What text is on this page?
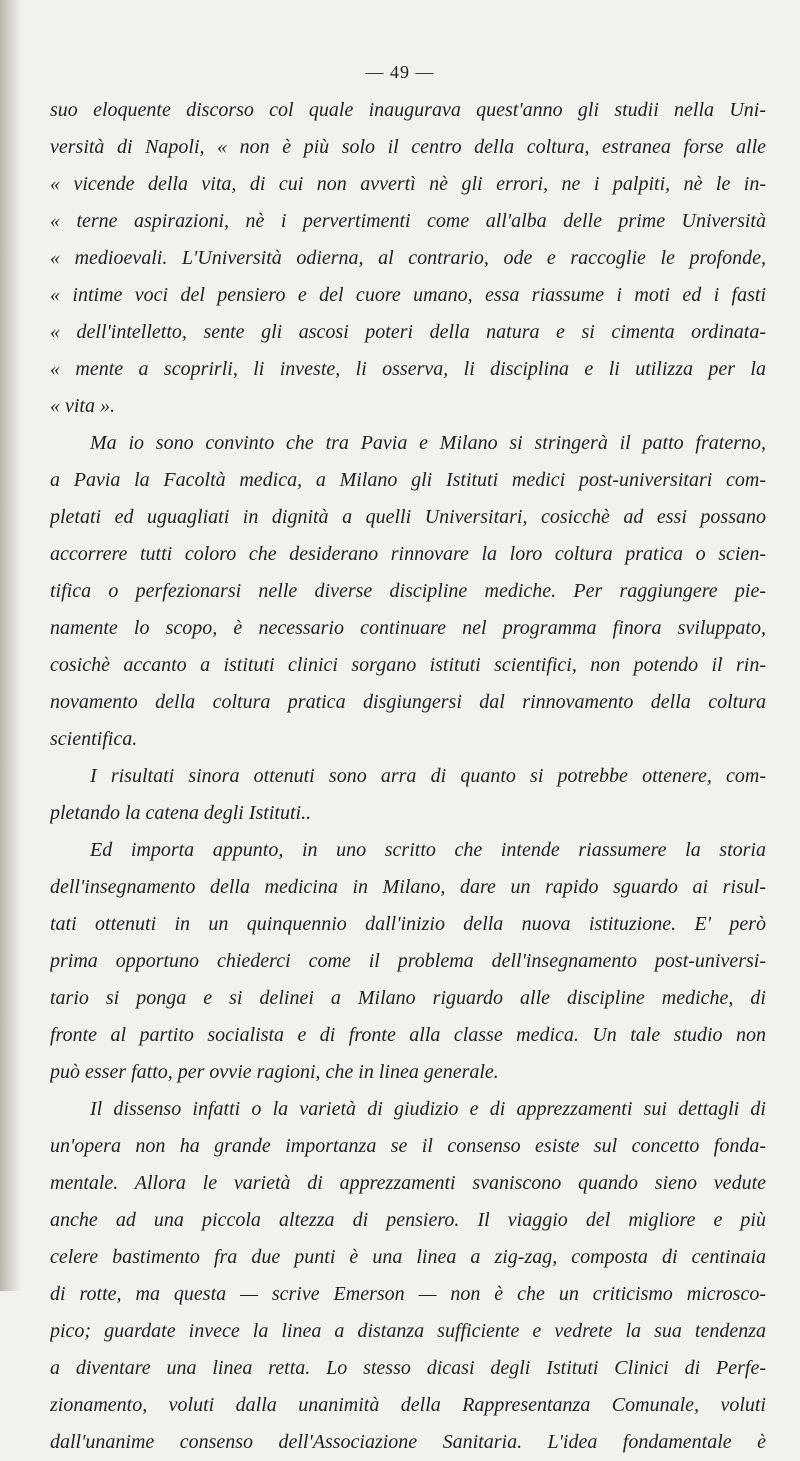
— 49 —
suo eloquente discorso col quale inaugurava quest'anno gli studii nella Uni-
versità di Napoli, « non è più solo il centro della coltura, estranea forse alle
« vicende della vita, di cui non avvertì nè gli errori, ne i palpiti, nè le in-
« terne aspirazioni, nè i pervertimenti come all'alba delle prime Università
« medioevali. L'Università odierna, al contrario, ode e raccoglie le profonde,
« intime voci del pensiero e del cuore umano, essa riassume i moti ed i fasti
« dell'intelletto, sente gli ascosi poteri della natura e si cimenta ordinata-
« mente a scoprirli, li investe, li osserva, li disciplina e li utilizza per la
« vita ».
Ma io sono convinto che tra Pavia e Milano si stringerà il patto fraterno,
a Pavia la Facoltà medica, a Milano gli Istituti medici post-universitari com-
pletati ed uguagliati in dignità a quelli Universitari, cosicchè ad essi possano
accorrere tutti coloro che desiderano rinnovare la loro coltura pratica o scien-
tifica o perfezionarsi nelle diverse discipline mediche. Per raggiungere pie-
namente lo scopo, è necessario continuare nel programma finora sviluppato,
cosichè accanto a istituti clinici sorgano istituti scientifici, non potendo il rin-
novamento della coltura pratica disgiungersi dal rinnovamento della coltura
scientifica.
I risultati sinora ottenuti sono arra di quanto si potrebbe ottenere, com-
pletando la catena degli Istituti..
Ed importa appunto, in uno scritto che intende riassumere la storia
dell'insegnamento della medicina in Milano, dare un rapido sguardo ai risul-
tati ottenuti in un quinquennio dall'inizio della nuova istituzione. E' però
prima opportuno chiederci come il problema dell'insegnamento post-universi-
tario si ponga e si delinei a Milano riguardo alle discipline mediche, di
fronte al partito socialista e di fronte alla classe medica. Un tale studio non
può esser fatto, per ovvie ragioni, che in linea generale.
Il dissenso infatti o la varietà di giudizio e di apprezzamenti sui dettagli di
un'opera non ha grande importanza se il consenso esiste sul concetto fonda-
mentale. Allora le varietà di apprezzamenti svaniscono quando sieno vedute
anche ad una piccola altezza di pensiero. Il viaggio del migliore e più
celere bastimento fra due punti è una linea a zig-zag, composta di centinaia
di rotte, ma questa — scrive Emerson — non è che un criticismo microsco-
pico; guardate invece la linea a distanza sufficiente e vedrete la sua tendenza
a diventare una linea retta. Lo stesso dicasi degli Istituti Clinici di Perfe-
zionamento, voluti dalla unanimità della Rappresentanza Comunale, voluti
dall'unanime consenso dell'Associazione Sanitaria. L'idea fondamentale è
